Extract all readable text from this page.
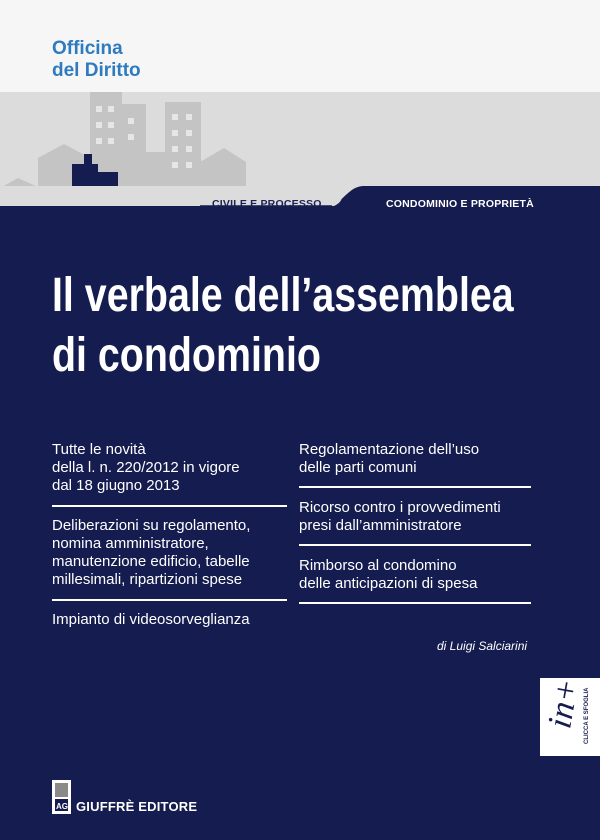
Officina
del Diritto
CIVILE E PROCESSO	CONDOMINIO E PROPRIETÀ
Il verbale dell’assemblea
di condominio
Tutte le novità
della l. n. 220/2012 in vigore
dal 18 giugno 2013
Deliberazioni su regolamento,
nomina amministratore,
manutenzione edificio, tabelle
millesimali, ripartizioni spese
Impianto di videosorveglianza
Regolamentazione dell’uso
delle parti comuni
Ricorso contro i provvedimenti
presi dall’amministratore
Rimborso al condomino
delle anticipazioni di spesa
di Luigi Salciarini
in+
CLICCA E SFOGLIA
AG GIUFFRÈ EDITORE
